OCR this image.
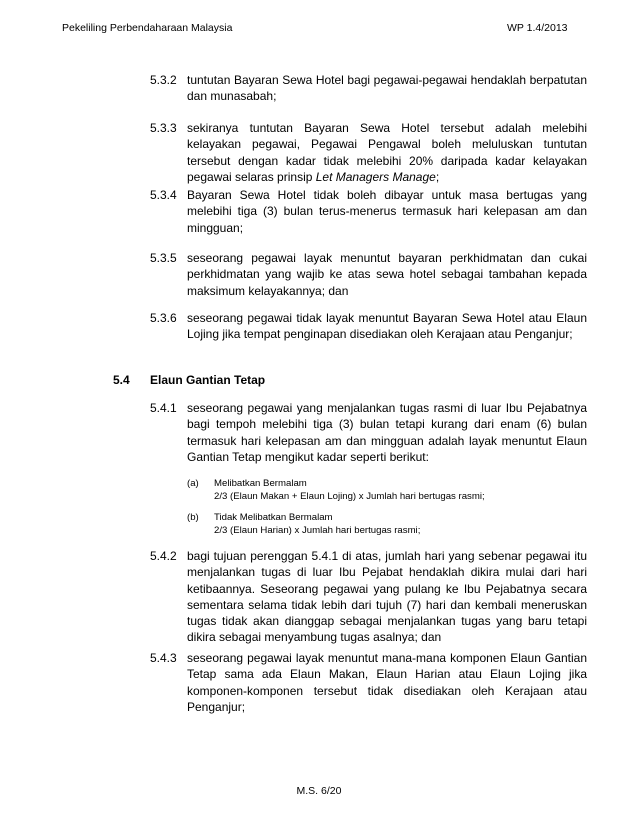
Pekeliling Perbendaharaan Malaysia	WP 1.4/2013
5.3.2 tuntutan Bayaran Sewa Hotel bagi pegawai-pegawai hendaklah berpatutan dan munasabah;
5.3.3 sekiranya tuntutan Bayaran Sewa Hotel tersebut adalah melebihi kelayakan pegawai, Pegawai Pengawal boleh meluluskan tuntutan tersebut dengan kadar tidak melebihi 20% daripada kadar kelayakan pegawai selaras prinsip Let Managers Manage;
5.3.4 Bayaran Sewa Hotel tidak boleh dibayar untuk masa bertugas yang melebihi tiga (3) bulan terus-menerus termasuk hari kelepasan am dan mingguan;
5.3.5 seseorang pegawai layak menuntut bayaran perkhidmatan dan cukai perkhidmatan yang wajib ke atas sewa hotel sebagai tambahan kepada maksimum kelayakannya; dan
5.3.6 seseorang pegawai tidak layak menuntut Bayaran Sewa Hotel atau Elaun Lojing jika tempat penginapan disediakan oleh Kerajaan atau Penganjur;
5.4 Elaun Gantian Tetap
5.4.1 seseorang pegawai yang menjalankan tugas rasmi di luar Ibu Pejabatnya bagi tempoh melebihi tiga (3) bulan tetapi kurang dari enam (6) bulan termasuk hari kelepasan am dan mingguan adalah layak menuntut Elaun Gantian Tetap mengikut kadar seperti berikut:
(a) Melibatkan Bermalam
2/3 (Elaun Makan + Elaun Lojing) x Jumlah hari bertugas rasmi;
(b) Tidak Melibatkan Bermalam
2/3 (Elaun Harian) x Jumlah hari bertugas rasmi;
5.4.2 bagi tujuan perenggan 5.4.1 di atas, jumlah hari yang sebenar pegawai itu menjalankan tugas di luar Ibu Pejabat hendaklah dikira mulai dari hari ketibaannya. Seseorang pegawai yang pulang ke Ibu Pejabatnya secara sementara selama tidak lebih dari tujuh (7) hari dan kembali meneruskan tugas tidak akan dianggap sebagai menjalankan tugas yang baru tetapi dikira sebagai menyambung tugas asalnya; dan
5.4.3 seseorang pegawai layak menuntut mana-mana komponen Elaun Gantian Tetap sama ada Elaun Makan, Elaun Harian atau Elaun Lojing jika komponen-komponen tersebut tidak disediakan oleh Kerajaan atau Penganjur;
M.S. 6/20
